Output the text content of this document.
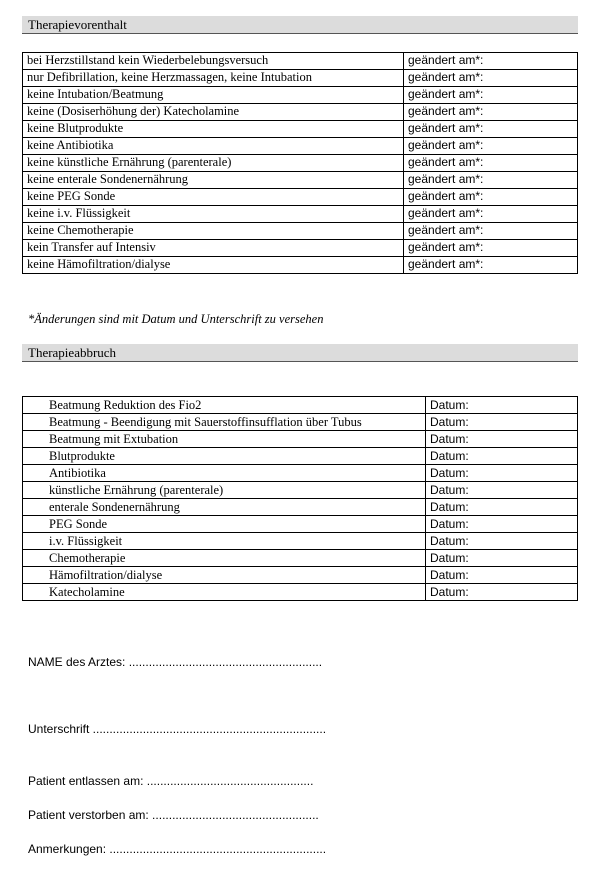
Therapievorenthalt
bei Herzstillstand kein Wiederbelebungsversuch	geändert am*:
nur Defibrillation, keine Herzmassagen, keine Intubation	geändert am*:
keine Intubation/Beatmung	geändert am*:
keine (Dosiserhöhung der) Katecholamine	geändert am*:
keine Blutprodukte	geändert am*:
keine Antibiotika	geändert am*:
keine künstliche Ernährung (parenterale)	geändert am*:
keine enterale Sondenernährung	geändert am*:
keine PEG Sonde	geändert am*:
keine i.v. Flüssigkeit	geändert am*:
keine Chemotherapie	geändert am*:
kein Transfer auf Intensiv	geändert am*:
keine Hämofiltration/dialyse	geändert am*:
*Änderungen sind mit Datum und Unterschrift zu versehen
Therapieabbruch
Beatmung Reduktion des Fio2	Datum:
Beatmung - Beendigung mit Sauerstoffinsufflation über Tubus	Datum:
Beatmung mit Extubation	Datum:
Blutprodukte	Datum:
Antibiotika	Datum:
künstliche Ernährung (parenterale)	Datum:
enterale Sondenernährung	Datum:
PEG Sonde	Datum:
i.v. Flüssigkeit	Datum:
Chemotherapie	Datum:
Hämofiltration/dialyse	Datum:
Katecholamine	Datum:
NAME des Arztes: ..........................................................
Unterschrift ......................................................................
Patient entlassen am: ..................................................
Patient verstorben am: ..................................................
Anmerkungen: .................................................................
